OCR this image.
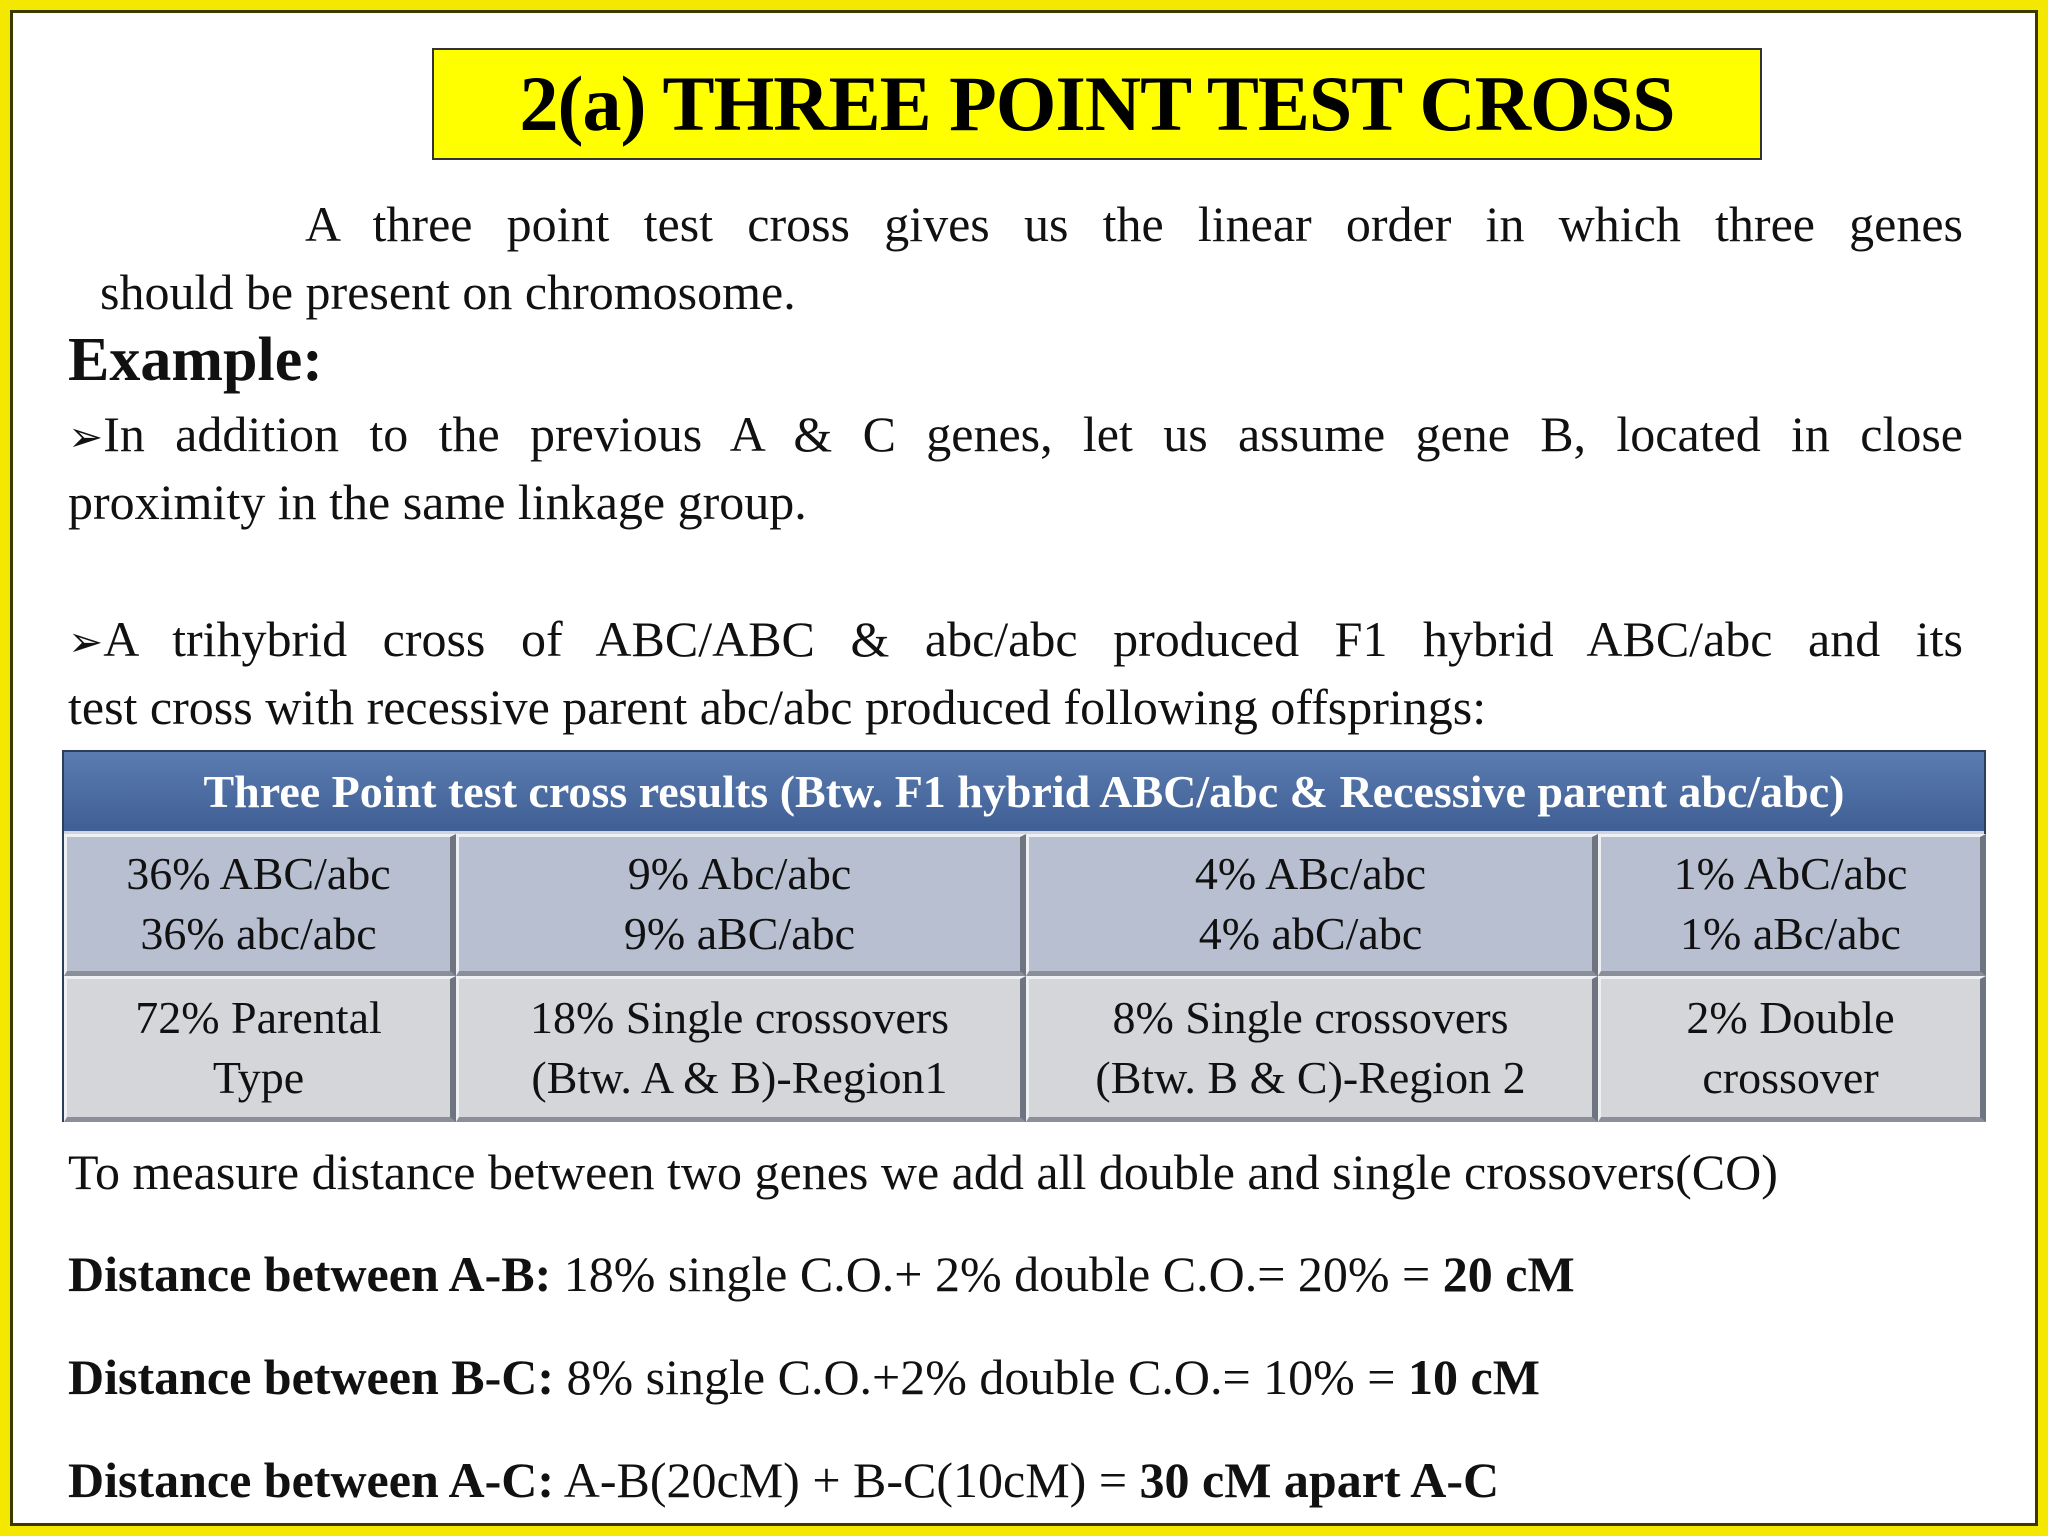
2(a) THREE POINT TEST CROSS
A three point test cross gives us the linear order in which three genes
should be present on chromosome.
Example:
➢In addition to the previous A & C genes, let us assume gene B, located in close
proximity in the same linkage group.
➢A trihybrid cross of ABC/ABC & abc/abc produced F1 hybrid ABC/abc and its
test cross with recessive parent abc/abc produced following offsprings:
Three Point test cross results (Btw. F1 hybrid ABC/abc & Recessive parent abc/abc)
36% ABC/abc
36% abc/abc
9% Abc/abc
9% aBC/abc
4% ABc/abc
4% abC/abc
1% AbC/abc
1% aBc/abc
72% Parental
Type
18% Single crossovers
(Btw. A & B)-Region1
8% Single crossovers
(Btw. B & C)-Region 2
2% Double
crossover
To measure distance between two genes we add all double and single crossovers(CO)
Distance between A-B: 18% single C.O.+ 2% double C.O.= 20% = 20 cM
Distance between B-C: 8% single C.O.+2% double C.O.= 10% = 10 cM
Distance between A-C: A-B(20cM) + B-C(10cM) = 30 cM apart A-C
